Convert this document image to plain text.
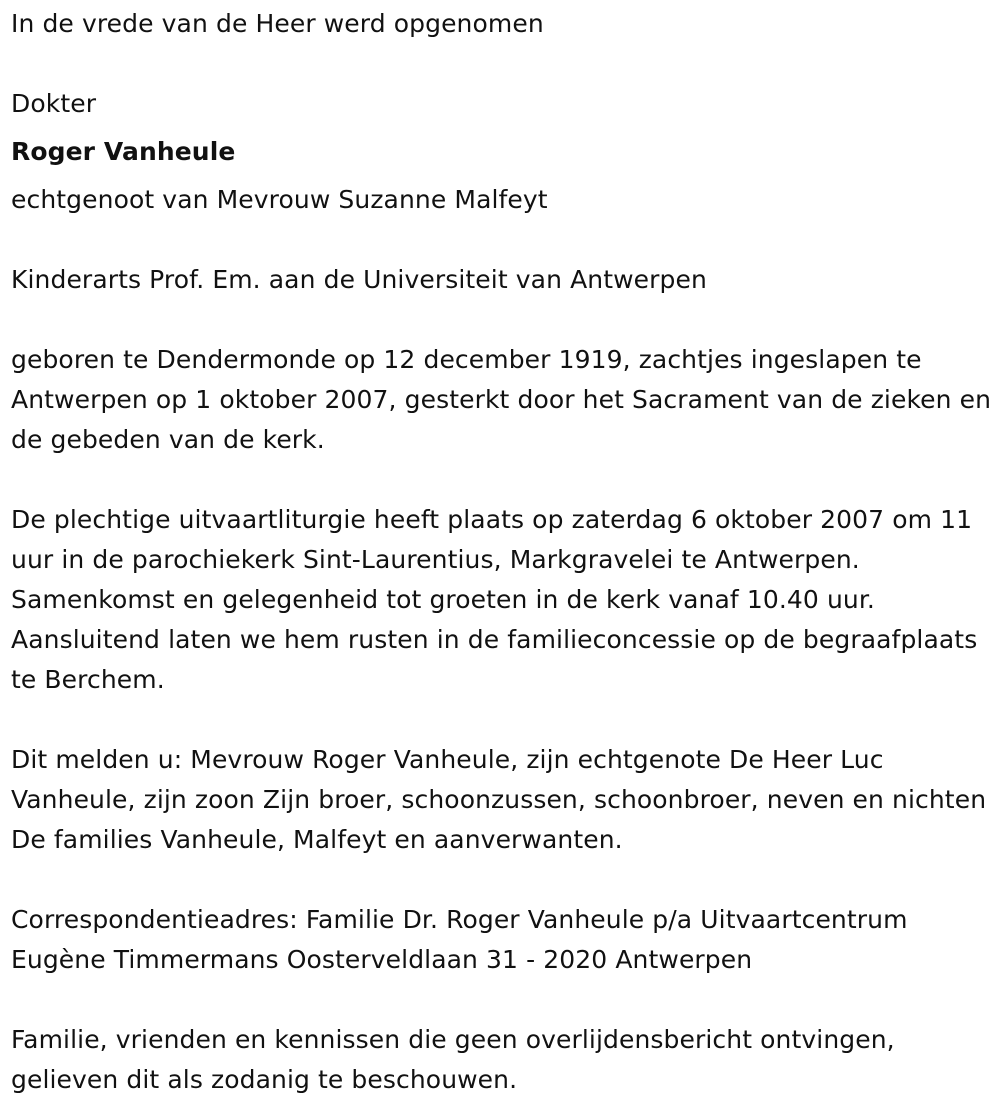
In de vrede van de Heer werd opgenomen

Dokter

Roger Vanheule

echtgenoot van Mevrouw Suzanne Malfeyt

Kinderarts Prof. Em. aan de Universiteit van Antwerpen

geboren te Dendermonde op 12 december 1919, zachtjes ingeslapen te Antwerpen op 1 oktober 2007, gesterkt door het Sacrament van de zieken en de gebeden van de kerk.

De plechtige uitvaartliturgie heeft plaats op zaterdag 6 oktober 2007 om 11 uur in de parochiekerk Sint-Laurentius, Markgravelei te Antwerpen. Samenkomst en gelegenheid tot groeten in de kerk vanaf 10.40 uur. Aansluitend laten we hem rusten in de familieconcessie op de begraafplaats te Berchem.

Dit melden u: Mevrouw Roger Vanheule, zijn echtgenote De Heer Luc Vanheule, zijn zoon Zijn broer, schoonzussen, schoonbroer, neven en nichten De families Vanheule, Malfeyt en aanverwanten.

Correspondentieadres: Familie Dr. Roger Vanheule p/a Uitvaartcentrum Eugène Timmermans Oosterveldlaan 31 - 2020 Antwerpen

Familie, vrienden en kennissen die geen overlijdensbericht ontvingen, gelieven dit als zodanig te beschouwen.
